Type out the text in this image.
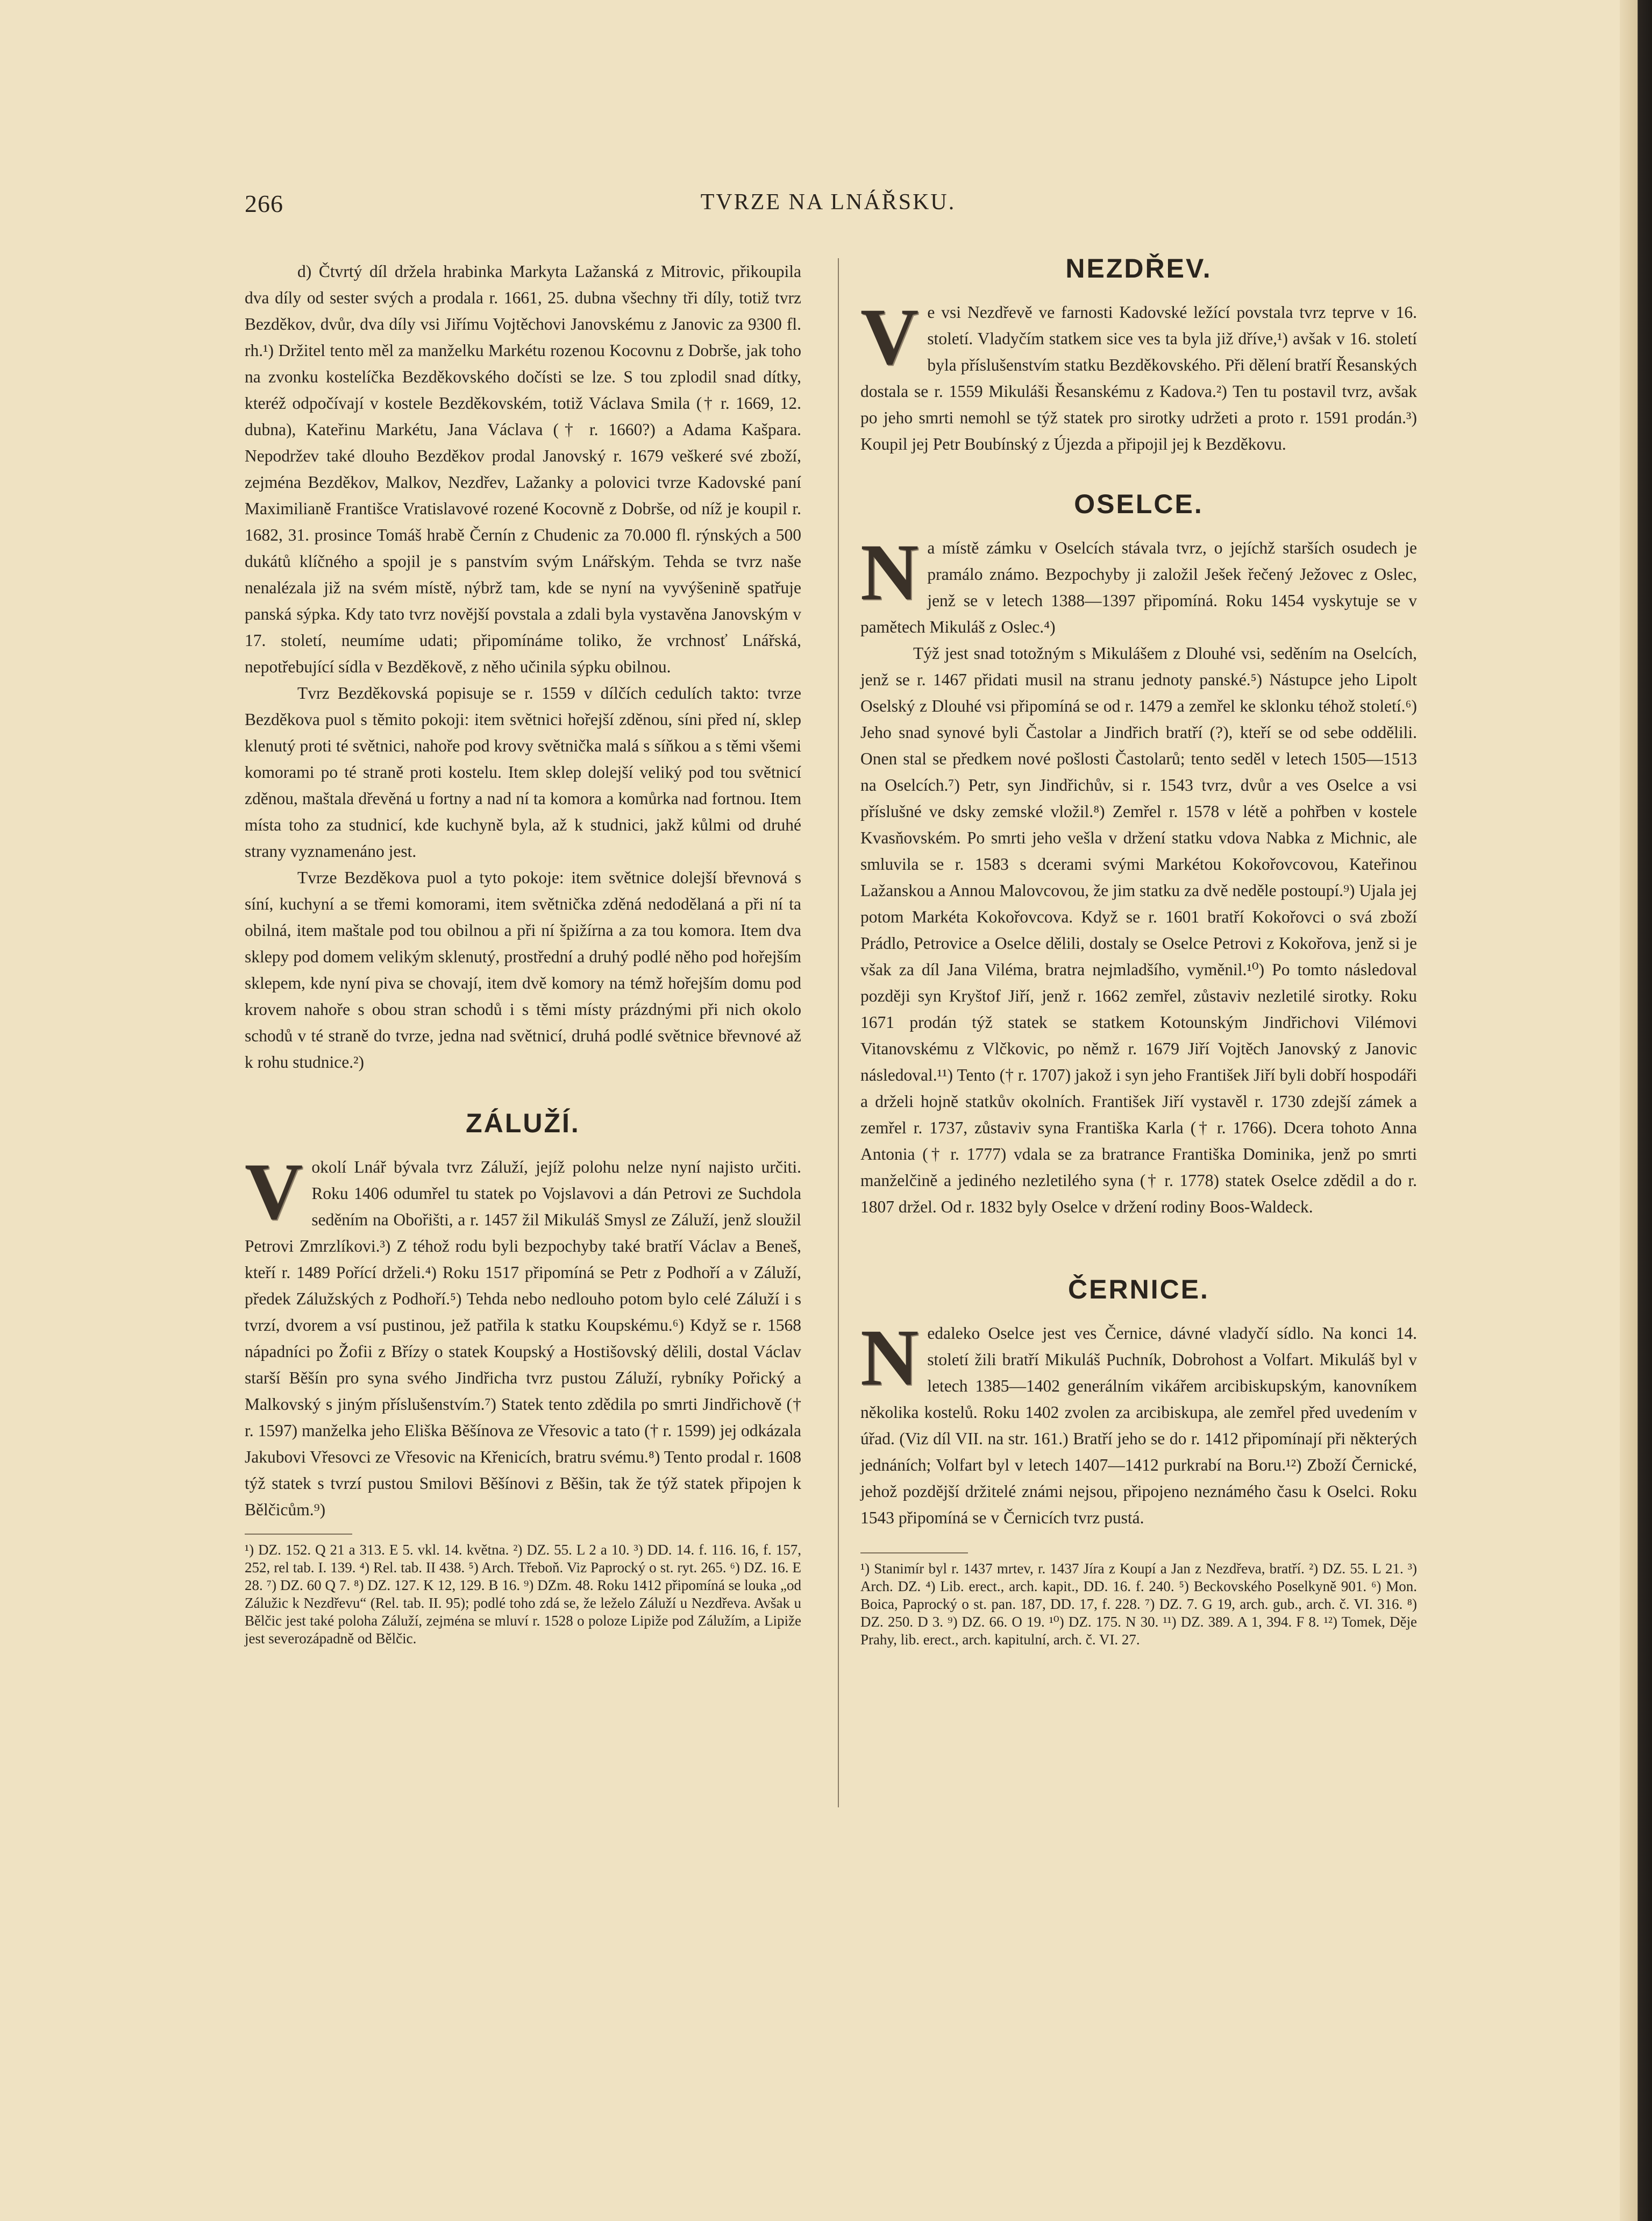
266	TVRZE NA LNÁŘSKU.

d) Čtvrtý díl držela hrabinka Markyta Lažanská z Mitrovic, přikoupila dva díly od sester svých a prodala r. 1661, 25. dubna všechny tři díly, totiž tvrz Bezděkov, dvůr, dva díly vsi Jiřímu Vojtěchovi Janovskému z Janovic za 9300 fl. rh.¹) Držitel tento měl za manželku Markétu rozenou Kocovnu z Dobrše, jak toho na zvonku kostelíčka Bezděkovského dočísti se lze. S tou zplodil snad dítky, kteréž odpočívají v kostele Bezděkovském, totiž Václava Smila († r. 1669, 12. dubna), Kateřinu Markétu, Jana Václava († r. 1660?) a Adama Kašpara. Nepodržev také dlouho Bezděkov prodal Janovský r. 1679 veškeré své zboží, zejména Bezděkov, Malkov, Nezdřev, Lažanky a polovici tvrze Kadovské paní Maximilianě Františce Vratislavové rozené Kocovně z Dobrše, od níž je koupil r. 1682, 31. prosince Tomáš hrabě Černín z Chudenic za 70.000 fl. rýnských a 500 dukátů klíčného a spojil je s panstvím svým Lnářským. Tehda se tvrz naše nenalézala již na svém místě, nýbrž tam, kde se nyní na vyvýšenině spatřuje panská sýpka. Kdy tato tvrz novější povstala a zdali byla vystavěna Janovským v 17. století, neumíme udati; připomínáme toliko, že vrchnosť Lnářská, nepotřebující sídla v Bezděkově, z něho učinila sýpku obilnou.

Tvrz Bezděkovská popisuje se r. 1559 v dílčích cedulích takto: tvrze Bezděkova puol s těmito pokoji: item světnici hořejší zděnou, síni před ní, sklep klenutý proti té světnici, nahoře pod krovy světnička malá s síňkou a s těmi všemi komorami po té straně proti kostelu. Item sklep dolejší veliký pod tou světnicí zděnou, maštala dřevěná u fortny a nad ní ta komora a komůrka nad fortnou. Item místa toho za studnicí, kde kuchyně byla, až k studnici, jakž kůlmi od druhé strany vyznamenáno jest.

Tvrze Bezděkova puol a tyto pokoje: item světnice dolejší břevnová s síní, kuchyní a se třemi komorami, item světnička zděná nedodělaná a při ní ta obilná, item maštale pod tou obilnou a při ní špižírna a za tou komora. Item dva sklepy pod domem velikým sklenutý, prostřední a druhý podlé něho pod hořejším sklepem, kde nyní piva se chovají, item dvě komory na témž hořejším domu pod krovem nahoře s obou stran schodů i s těmi místy prázdnými při nich okolo schodů v té straně do tvrze, jedna nad světnicí, druhá podlé světnice břevnové až k rohu studnice.²)

ZÁLUŽÍ.
V okolí Lnář bývala tvrz Záluží, jejíž polohu nelze nyní najisto určiti. Roku 1406 odumřel tu statek po Vojslavovi a dán Petrovi ze Suchdola seděním na Obořišti, a r. 1457 žil Mikuláš Smysl ze Záluží, jenž sloužil Petrovi Zmrzlíkovi.³) Z téhož rodu byli bezpochyby také bratří Václav a Beneš, kteří r. 1489 Pořící drželi.⁴) Roku 1517 připomíná se Petr z Podhoří a v Záluží, předek Zálužských z Podhoří.⁵) Tehda nebo nedlouho potom bylo celé Záluží i s tvrzí, dvorem a vsí pustinou, jež patřila k statku Koupskému.⁶) Když se r. 1568 nápadníci po Žofii z Břízy o statek Koupský a Hostišovský dělili, dostal Václav starší Běšín pro syna svého Jindřicha tvrz pustou Záluží, rybníky Pořický a Malkovský s jiným příslušenstvím.⁷) Statek tento zdědila po smrti Jindřichově († r. 1597) manželka jeho Eliška Běšínova ze Vřesovic a tato († r. 1599) jej odkázala Jakubovi Vřesovci ze Vřesovic na Křenicích, bratru svému.⁸) Tento prodal r. 1608 týž statek s tvrzí pustou Smilovi Běšínovi z Běšin, tak že týž statek připojen k Bělčicům.⁹)

¹) DZ. 152. Q 21 a 313. E 5. vkl. 14. května. ²) DZ. 55. L 2 a 10. ³) DD. 14. f. 116. 16, f. 157, 252, rel tab. I. 139. ⁴) Rel. tab. II 438. ⁵) Arch. Třeboň. Viz Paprocký o st. ryt. 265. ⁶) DZ. 16. E 28. ⁷) DZ. 60 Q 7. ⁸) DZ. 127. K 12, 129. B 16. ⁹) DZm. 48. Roku 1412 připomíná se louka „od Zálužic k Nezdřevu“ (Rel. tab. II. 95); podlé toho zdá se, že leželo Záluží u Nezdřeva. Avšak u Bělčic jest také poloha Záluží, zejména se mluví r. 1528 o poloze Lipiže pod Zálužím, a Lipiže jest severozápadně od Bělčic.

NEZDŘEV.
V e vsi Nezdřevě ve farnosti Kadovské ležící povstala tvrz teprve v 16. století. Vladyčím statkem sice ves ta byla již dříve,¹) avšak v 16. století byla příslušenstvím statku Bezděkovského. Při dělení bratří Řesanských dostala se r. 1559 Mikuláši Řesanskému z Kadova.²) Ten tu postavil tvrz, avšak po jeho smrti nemohl se týž statek pro sirotky udržeti a proto r. 1591 prodán.³) Koupil jej Petr Boubínský z Újezda a připojil jej k Bezděkovu.

OSELCE.
N a místě zámku v Oselcích stávala tvrz, o jejíchž starších osudech je pramálo známo. Bezpochyby ji založil Ješek řečený Ježovec z Oslec, jenž se v letech 1388—1397 připomíná. Roku 1454 vyskytuje se v pamětech Mikuláš z Oslec.⁴)

Týž jest snad totožným s Mikulášem z Dlouhé vsi, seděním na Oselcích, jenž se r. 1467 přidati musil na stranu jednoty panské.⁵) Nástupce jeho Lipolt Oselský z Dlouhé vsi připomíná se od r. 1479 a zemřel ke sklonku téhož století.⁶) Jeho snad synové byli Častolar a Jindřich bratří (?), kteří se od sebe oddělili. Onen stal se předkem nové pošlosti Častolarů; tento seděl v letech 1505—1513 na Oselcích.⁷) Petr, syn Jindřichův, si r. 1543 tvrz, dvůr a ves Oselce a vsi příslušné ve dsky zemské vložil.⁸) Zemřel r. 1578 v létě a pohřben v kostele Kvasňovském. Po smrti jeho vešla v držení statku vdova Nabka z Michnic, ale smluvila se r. 1583 s dcerami svými Markétou Kokořovcovou, Kateřinou Lažanskou a Annou Malovcovou, že jim statku za dvě neděle postoupí.⁹) Ujala jej potom Markéta Kokořovcova. Když se r. 1601 bratří Kokořovci o svá zboží Prádlo, Petrovice a Oselce dělili, dostaly se Oselce Petrovi z Kokořova, jenž si je však za díl Jana Viléma, bratra nejmladšího, vyměnil.¹⁰) Po tomto následoval později syn Kryštof Jiří, jenž r. 1662 zemřel, zůstaviv nezletilé sirotky. Roku 1671 prodán týž statek se statkem Kotounským Jindřichovi Vilémovi Vitanovskému z Vlčkovic, po němž r. 1679 Jiří Vojtěch Janovský z Janovic následoval.¹¹) Tento († r. 1707) jakož i syn jeho František Jiří byli dobří hospodáři a drželi hojně statkův okolních. František Jiří vystavěl r. 1730 zdejší zámek a zemřel r. 1737, zůstaviv syna Františka Karla († r. 1766). Dcera tohoto Anna Antonia († r. 1777) vdala se za bratrance Františka Dominika, jenž po smrti manželčině a jediného nezletilého syna († r. 1778) statek Oselce zdědil a do r. 1807 držel. Od r. 1832 byly Oselce v držení rodiny Boos-Waldeck.

ČERNICE.
N edaleko Oselce jest ves Černice, dávné vladyčí sídlo. Na konci 14. století žili bratří Mikuláš Puchník, Dobrohost a Volfart. Mikuláš byl v letech 1385—1402 generálním vikářem arcibiskupským, kanovníkem několika kostelů. Roku 1402 zvolen za arcibiskupa, ale zemřel před uvedením v úřad. (Viz díl VII. na str. 161.) Bratří jeho se do r. 1412 připomínají při některých jednáních; Volfart byl v letech 1407—1412 purkrabí na Boru.¹²) Zboží Černické, jehož pozdější držitelé známi nejsou, připojeno neznámého času k Oselci. Roku 1543 připomíná se v Černicích tvrz pustá.

¹) Stanimír byl r. 1437 mrtev, r. 1437 Jíra z Koupí a Jan z Nezdřeva, bratří. ²) DZ. 55. L 21. ³) Arch. DZ. ⁴) Lib. erect., arch. kapit., DD. 16. f. 240. ⁵) Beckovského Poselkyně 901. ⁶) Mon. Boica, Paprocký o st. pan. 187, DD. 17, f. 228. ⁷) DZ. 7. G 19, arch. gub., arch. č. VI. 316. ⁸) DZ. 250. D 3. ⁹) DZ. 66. O 19. ¹⁰) DZ. 175. N 30. ¹¹) DZ. 389. A 1, 394. F 8. ¹²) Tomek, Děje Prahy, lib. erect., arch. kapitulní, arch. č. VI. 27.
